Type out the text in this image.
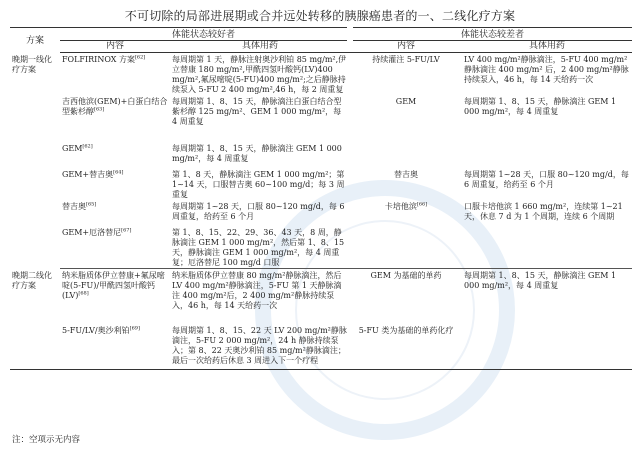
不可切除的局部进展期或合并远处转移的胰腺癌患者的一、二线化疗方案
方案	体能状态较好者		体能状态较差者	
	内容	具体用药	内容	具体用药
晚期一线化疗方案	FOLFIRINOX 方案[62]	每周期第 1 天，静脉注射奥沙利铂 85 mg/m²,伊立替康 180 mg/m²,甲酰四氢叶酸钙(LV)400 mg/m²,氟尿嘧啶(5-FU)400 mg/m²;之后静脉持续泵入 5-FU 2 400 mg/m²,46 h，每 2 周重复	持续灌注 5-FU/LV	LV 400 mg/m²静脉滴注，5-FU 400 mg/m²静脉滴注 400 mg/m² 后，2 400 mg/m²静脉持续泵入，46 h，每 14 天给药一次
	吉西他滨(GEM)+白蛋白结合型紫杉醇[63]	每周期第 1、8、15 天，静脉滴注白蛋白结合型紫杉醇 125 mg/m²、GEM 1 000 mg/m²，每 4 周重复	GEM	每周期第 1、8、15 天，静脉滴注 GEM 1 000 mg/m²，每 4 周重复
	GEM[62]	每周期第 1、8、15 天，静脉滴注 GEM 1 000 mg/m²，每 4 周重复		
	GEM+替吉奥[64]	第 1、8 天，静脉滴注 GEM 1 000 mg/m²；第 1~14 天，口服替吉奥 60~100 mg/d；每 3 周重复	替吉奥	每周期第 1~28 天，口服 80~120 mg/d，每 6 周重复，给药至 6 个月
	替吉奥[65]	每周期第 1~28 天，口服 80~120 mg/d，每 6 周重复，给药至 6 个月	卡培他滨[66]	口服卡培他滨 1 660 mg/m²，连续第 1~21 天，休息 7 d 为 1 个周期，连续 6 个周期
	GEM+厄洛替尼[67]	第 1、8、15、22、29、36、43 天，8 周，静脉滴注 GEM 1 000 mg/m²，然后第 1、8、15 天，静脉滴注 GEM 1 000 mg/m²，每 4 周重复；厄洛替尼 100 mg/d 口服		
晚期二线化疗方案	纳米脂质体伊立替康+氟尿嘧啶(5-FU)/甲酰四氢叶酸钙(LV)[68]	纳米脂质体伊立替康 80 mg/m²静脉滴注，然后 LV 400 mg/m²静脉滴注，5-FU 第 1 天静脉滴注 400 mg/m²后，2 400 mg/m²静脉持续泵入，46 h，每 14 天给药一次	GEM 为基础的单药	每周期第 1、8、15 天，静脉滴注 GEM 1 000 mg/m²，每 4 周重复
	5-FU/LV/奥沙利铂[69]	每周期第 1、8、15、22 天 LV 200 mg/m²静脉滴注，5-FU 2 000 mg/m²，24 h 静脉持续泵入；第 8、22 天奥沙利铂 85 mg/m²静脉滴注；最后一次给药后休息 3 周进入下一个疗程	5-FU 类为基础的单药化疗	
注：空项示无内容
